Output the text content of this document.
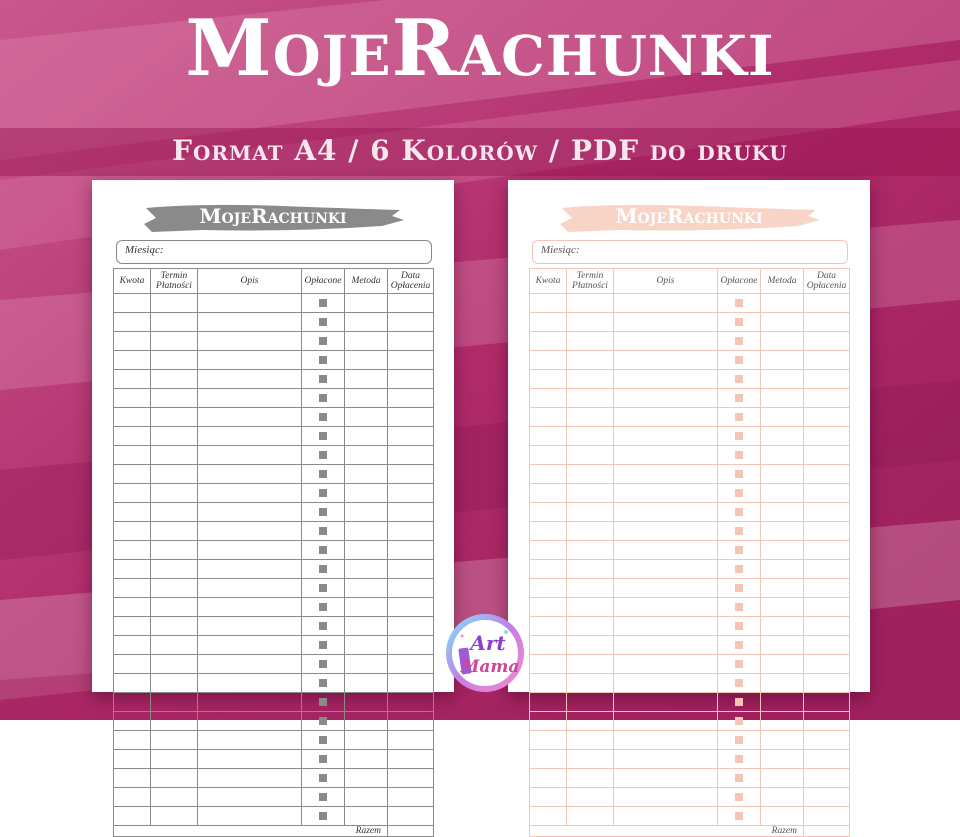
MojeRachunki
Format A4 / 6 Kolorów / PDF do druku
MojeRachunki
Miesiąc:
Kwota	Termin Płatności	Opis	Opłacone	Metoda	Data Opłacenia

Razem					
MojeRachunki
Miesiąc:
Kwota	Termin Płatności	Opis	Opłacone	Metoda	Data Opłacenia

Razem					
Art
Mama
